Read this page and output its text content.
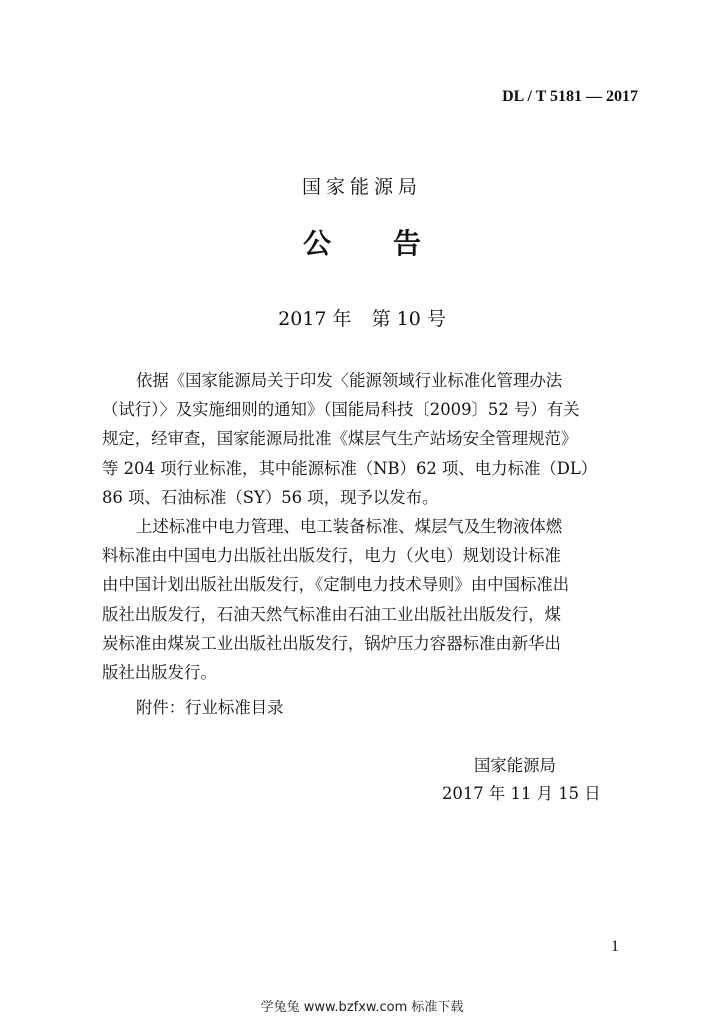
DL / T 5181 — 2017
国家能源局
公 告
2017 年 第 10 号

依据《国家能源局关于印发〈能源领域行业标准化管理办法
（试行）〉及实施细则的通知》（国能局科技〔2009〕52 号）有关
规定，经审查，国家能源局批准《煤层气生产站场安全管理规范》
等 204 项行业标准，其中能源标准（NB）62 项、电力标准（DL）
86 项、石油标准（SY）56 项，现予以发布。

上述标准中电力管理、电工装备标准、煤层气及生物液体燃
料标准由中国电力出版社出版发行，电力（火电）规划设计标准
由中国计划出版社出版发行，《定制电力技术导则》由中国标准出
版社出版发行，石油天然气标准由石油工业出版社出版发行，煤
炭标准由煤炭工业出版社出版发行，锅炉压力容器标准由新华出
版社出版发行。

附件：行业标准目录
国家能源局
2017 年 11 月 15 日
1
学兔兔 www.bzfxw.com 标准下载
